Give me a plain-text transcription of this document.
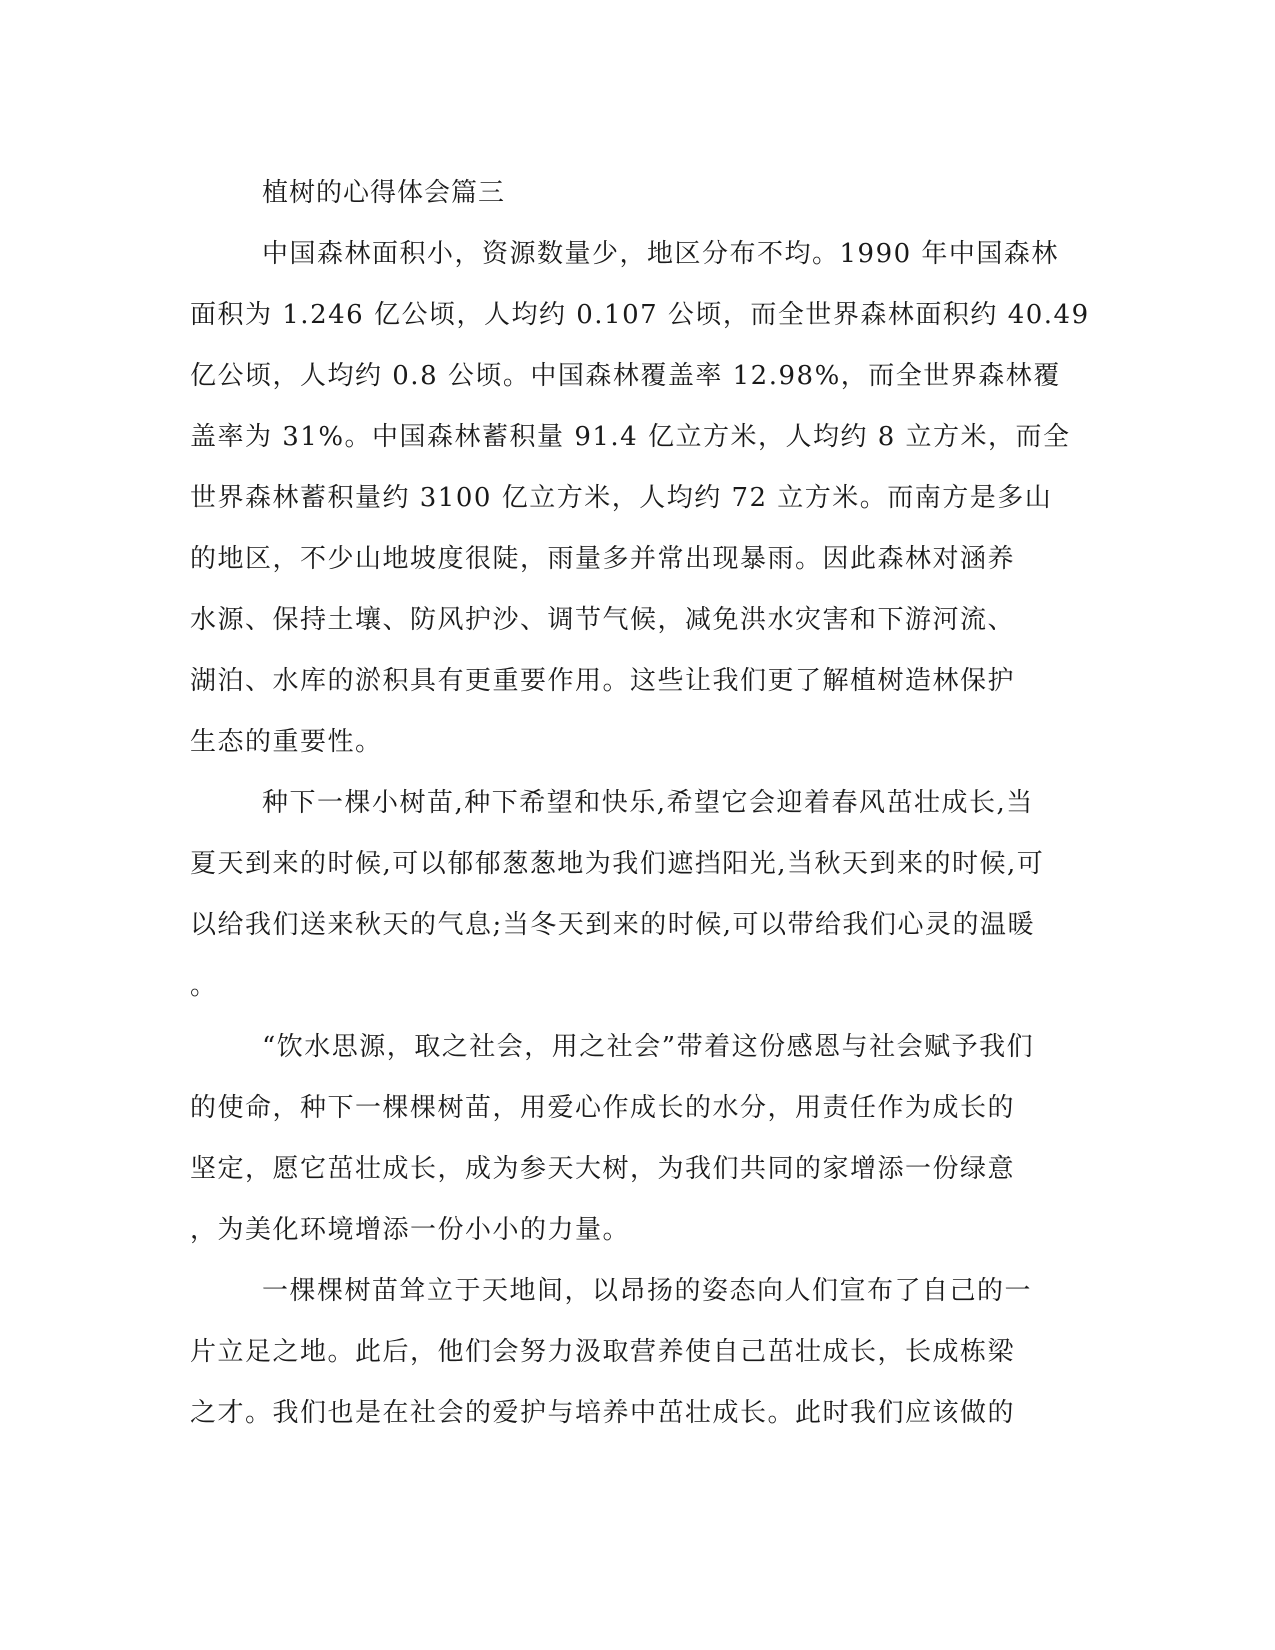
植树的心得体会篇三

中国森林面积小，资源数量少，地区分布不均。1990 年中国森林
面积为 1.246 亿公顷，人均约 0.107 公顷，而全世界森林面积约 40.49
亿公顷，人均约 0.8 公顷。中国森林覆盖率 12.98%，而全世界森林覆
盖率为 31%。中国森林蓄积量 91.4 亿立方米，人均约 8 立方米，而全
世界森林蓄积量约 3100 亿立方米，人均约 72 立方米。而南方是多山
的地区，不少山地坡度很陡，雨量多并常出现暴雨。因此森林对涵养
水源、保持土壤、防风护沙、调节气候，减免洪水灾害和下游河流、
湖泊、水库的淤积具有更重要作用。这些让我们更了解植树造林保护
生态的重要性。

种下一棵小树苗,种下希望和快乐,希望它会迎着春风茁壮成长,当
夏天到来的时候,可以郁郁葱葱地为我们遮挡阳光,当秋天到来的时候,可
以给我们送来秋天的气息;当冬天到来的时候,可以带给我们心灵的温暖
。

“饮水思源，取之社会，用之社会”带着这份感恩与社会赋予我们
的使命，种下一棵棵树苗，用爱心作成长的水分，用责任作为成长的
坚定，愿它茁壮成长，成为参天大树，为我们共同的家增添一份绿意
，为美化环境增添一份小小的力量。

一棵棵树苗耸立于天地间，以昂扬的姿态向人们宣布了自己的一
片立足之地。此后，他们会努力汲取营养使自己茁壮成长，长成栋梁
之才。我们也是在社会的爱护与培养中茁壮成长。此时我们应该做的
